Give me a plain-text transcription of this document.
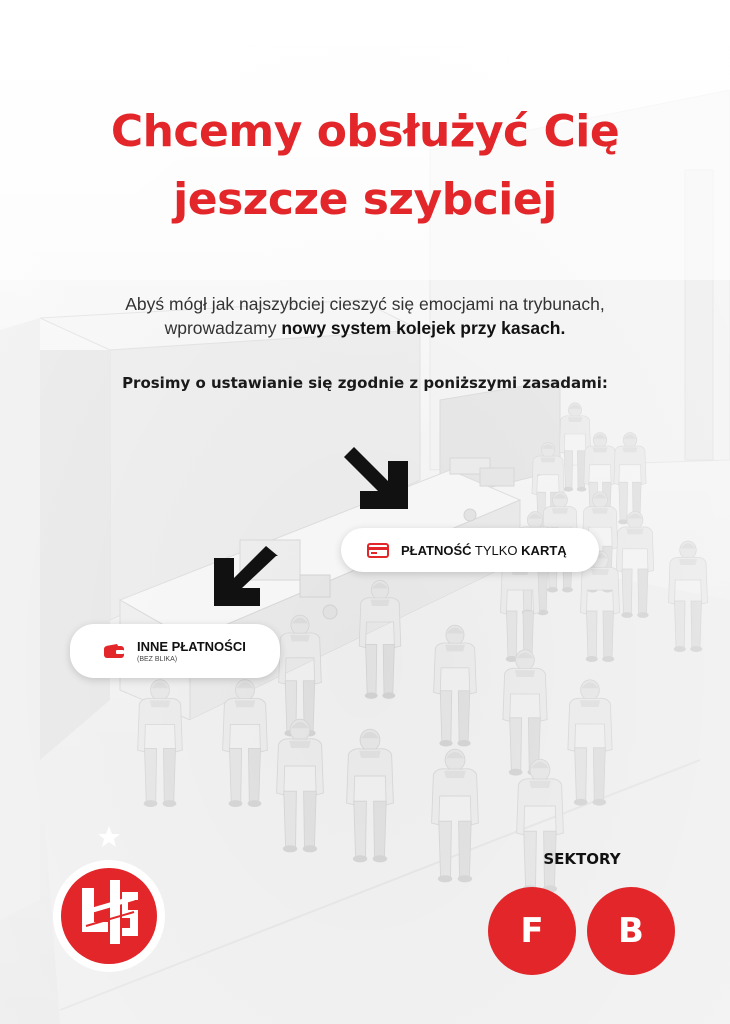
Chcemy obsłużyć Cię
jeszcze szybciej
Abyś mógł jak najszybciej cieszyć się emocjami na trybunach,
wprowadzamy nowy system kolejek przy kasach.
Prosimy o ustawianie się zgodnie z poniższymi zasadami:
PŁATNOŚĆ TYLKO KARTĄ
INNE PŁATNOŚCI
(BEZ BLIKA)
SEKTORY
F	B
